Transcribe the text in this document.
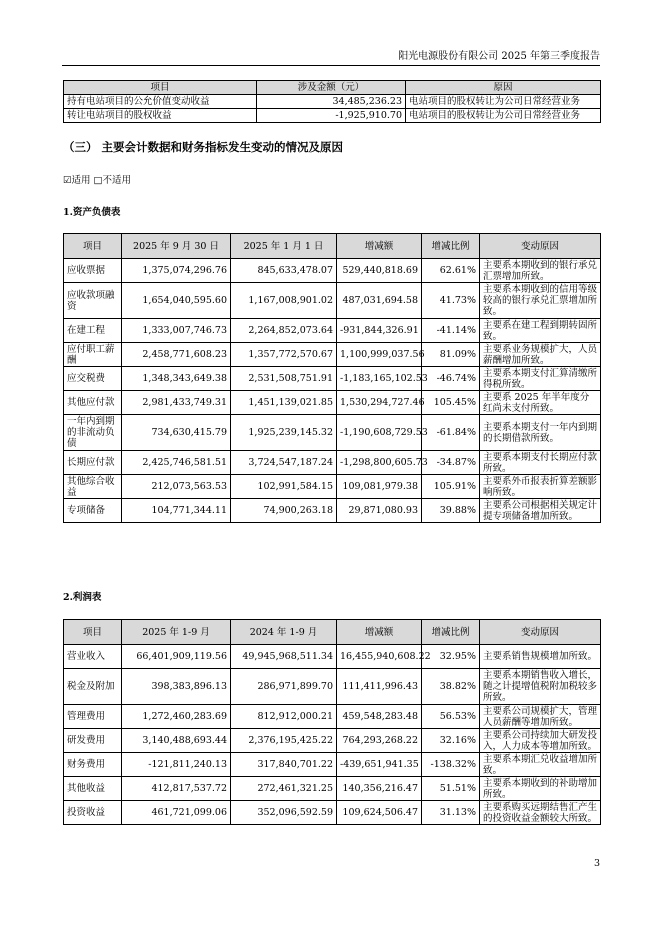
阳光电源股份有限公司 2025 年第三季度报告
项目	涉及金额（元）	原因
持有电站项目的公允价值变动收益	34,485,236.23	电站项目的股权转让为公司日常经营业务
转让电站项目的股权收益	-1,925,910.70	电站项目的股权转让为公司日常经营业务
（三） 主要会计数据和财务指标发生变动的情况及原因
☑适用 □不适用
1.资产负债表
项目	2025 年 9 月 30 日	2025 年 1 月 1 日	增减额	增减比例	变动原因
应收票据	1,375,074,296.76	845,633,478.07	529,440,818.69	62.61%	主要系本期收到的银行承兑汇票增加所致。
应收款项融资	1,654,040,595.60	1,167,008,901.02	487,031,694.58	41.73%	主要系本期收到的信用等级较高的银行承兑汇票增加所致。
在建工程	1,333,007,746.73	2,264,852,073.64	-931,844,326.91	-41.14%	主要系在建工程到期转固所致。
应付职工薪酬	2,458,771,608.23	1,357,772,570.67	1,100,999,037.56	81.09%	主要系业务规模扩大，人员薪酬增加所致。
应交税费	1,348,343,649.38	2,531,508,751.91	-1,183,165,102.53	-46.74%	主要系本期支付汇算清缴所得税所致。
其他应付款	2,981,433,749.31	1,451,139,021.85	1,530,294,727.46	105.45%	主要系 2025 年半年度分红尚未支付所致。
一年内到期的非流动负债	734,630,415.79	1,925,239,145.32	-1,190,608,729.53	-61.84%	主要系本期支付一年内到期的长期借款所致。
长期应付款	2,425,746,581.51	3,724,547,187.24	-1,298,800,605.73	-34.87%	主要系本期支付长期应付款所致。
其他综合收益	212,073,563.53	102,991,584.15	109,081,979.38	105.91%	主要系外币报表折算差额影响所致。
专项储备	104,771,344.11	74,900,263.18	29,871,080.93	39.88%	主要系公司根据相关规定计提专项储备增加所致。
2.利润表
项目	2025 年 1-9 月	2024 年 1-9 月	增减额	增减比例	变动原因
营业收入	66,401,909,119.56	49,945,968,511.34	16,455,940,608.22	32.95%	主要系销售规模增加所致。
税金及附加	398,383,896.13	286,971,899.70	111,411,996.43	38.82%	主要系本期销售收入增长，随之计提增值税附加税较多所致。
管理费用	1,272,460,283.69	812,912,000.21	459,548,283.48	56.53%	主要系公司规模扩大，管理人员薪酬等增加所致。
研发费用	3,140,488,693.44	2,376,195,425.22	764,293,268.22	32.16%	主要系公司持续加大研发投入，人力成本等增加所致。
财务费用	-121,811,240.13	317,840,701.22	-439,651,941.35	-138.32%	主要系本期汇兑收益增加所致。
其他收益	412,817,537.72	272,461,321.25	140,356,216.47	51.51%	主要系本期收到的补助增加所致。
投资收益	461,721,099.06	352,096,592.59	109,624,506.47	31.13%	主要系购买远期结售汇产生的投资收益金额较大所致。
3
